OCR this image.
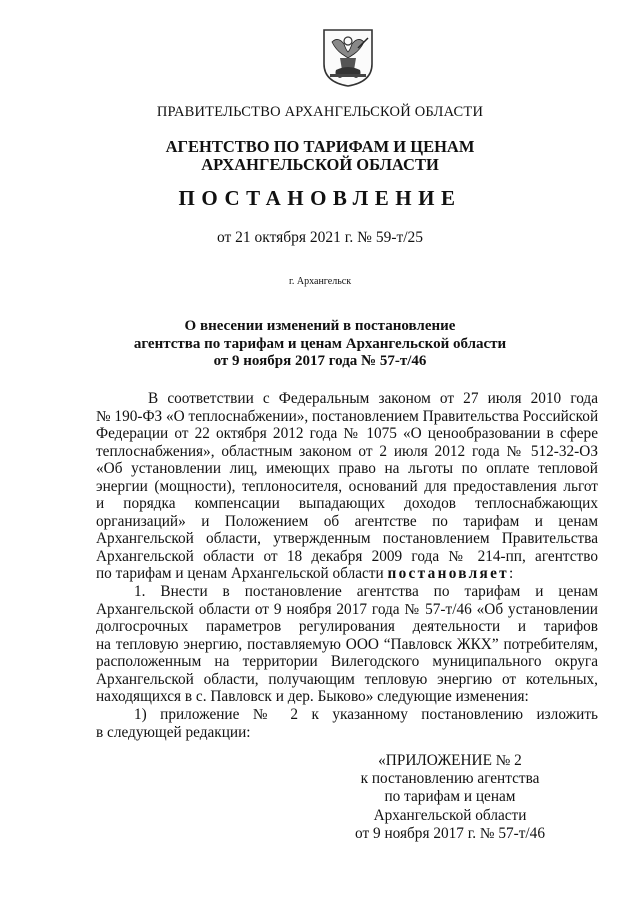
ПРАВИТЕЛЬСТВО АРХАНГЕЛЬСКОЙ ОБЛАСТИ
АГЕНТСТВО ПО ТАРИФАМ И ЦЕНАМ
АРХАНГЕЛЬСКОЙ ОБЛАСТИ
ПОСТАНОВЛЕНИЕ
от 21 октября 2021 г. № 59-т/25
г. Архангельск
О внесении изменений в постановление
агентства по тарифам и ценам Архангельской области
от 9 ноября 2017 года № 57-т/46
В соответствии с Федеральным законом от 27 июля 2010 года
№ 190-ФЗ «О теплоснабжении», постановлением Правительства Российской
Федерации от 22 октября 2012 года № 1075 «О ценообразовании в сфере
теплоснабжения», областным законом от 2 июля 2012 года № 512-32-ОЗ
«Об установлении лиц, имеющих право на льготы по оплате тепловой
энергии (мощности), теплоносителя, оснований для предоставления льгот
и порядка компенсации выпадающих доходов теплоснабжающих
организаций» и Положением об агентстве по тарифам и ценам
Архангельской области, утвержденным постановлением Правительства
Архангельской области от 18 декабря 2009 года № 214-пп, агентство
по тарифам и ценам Архангельской области постановляет:
1. Внести в постановление агентства по тарифам и ценам
Архангельской области от 9 ноября 2017 года № 57-т/46 «Об установлении
долгосрочных параметров регулирования деятельности и тарифов
на тепловую энергию, поставляемую ООО “Павловск ЖКХ” потребителям,
расположенным на территории Вилегодского муниципального округа
Архангельской области, получающим тепловую энергию от котельных,
находящихся в с. Павловск и дер. Быково» следующие изменения:
1) приложение № 2 к указанному постановлению изложить
в следующей редакции:
«ПРИЛОЖЕНИЕ № 2
к постановлению агентства
по тарифам и ценам
Архангельской области
от 9 ноября 2017 г. № 57-т/46
